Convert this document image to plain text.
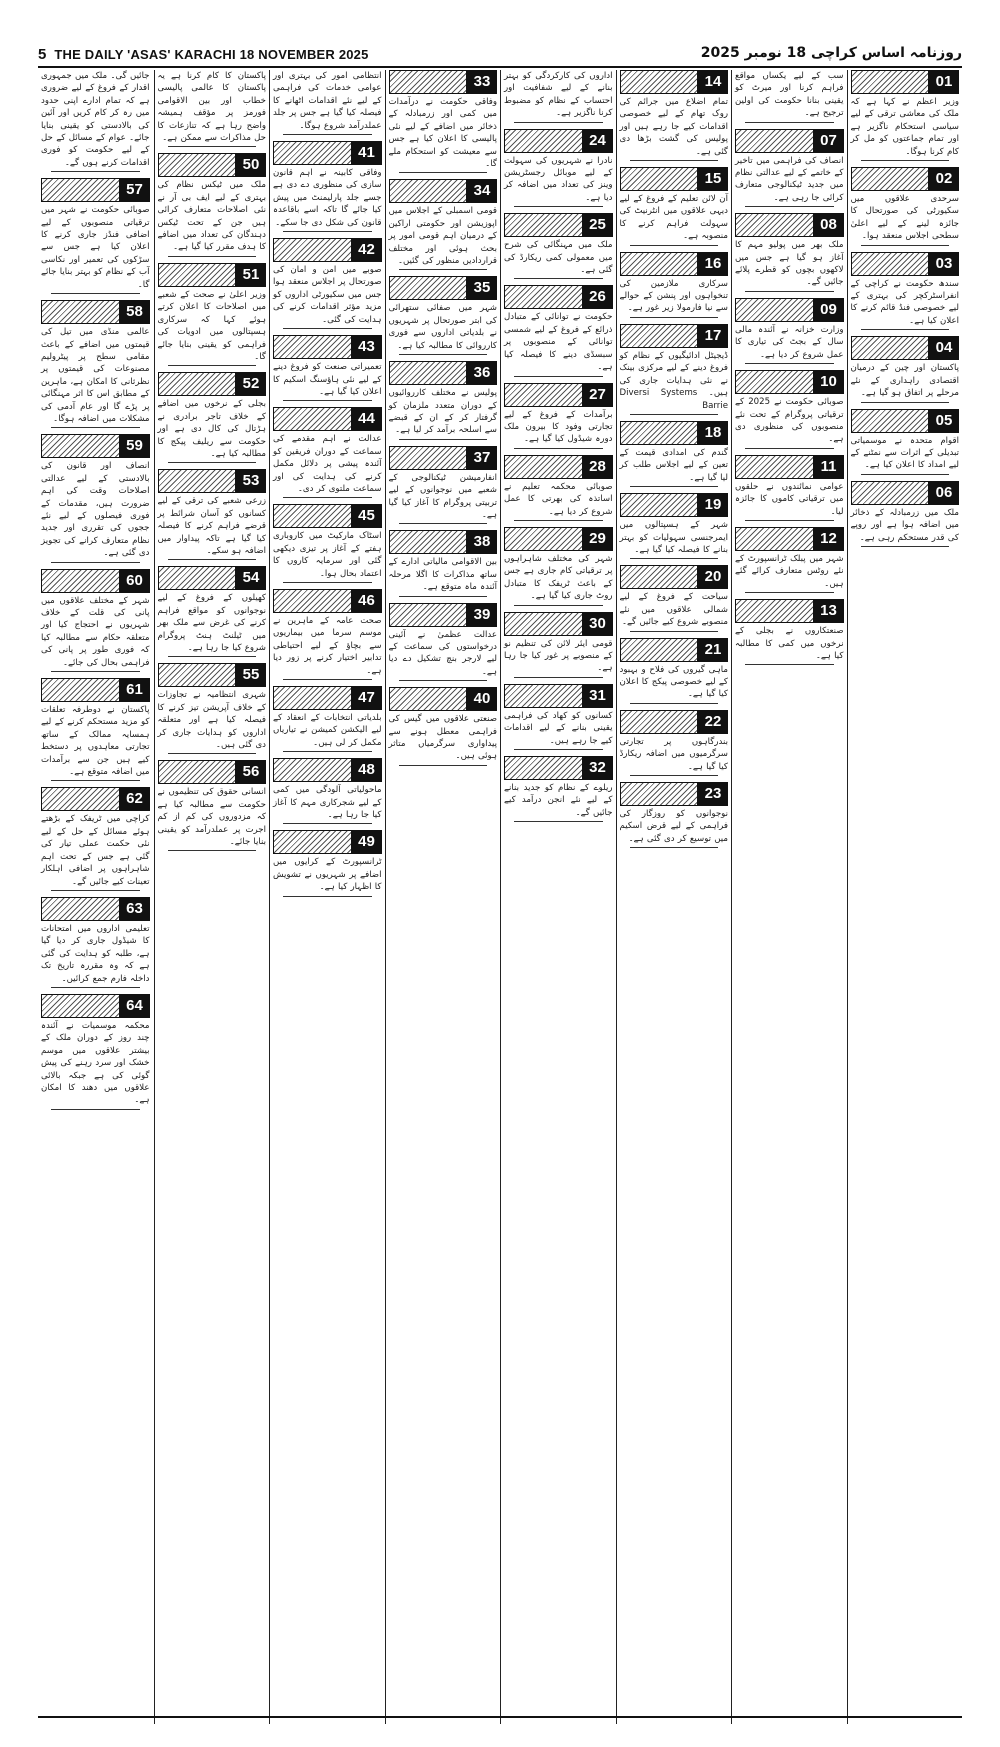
5 THE DAILY 'ASAS' KARACHI 18 NOVEMBER 2025	روزنامہ اساس کراچی 18 نومبر 2025
جائیں گی۔ ملک میں جمہوری اقدار کے فروغ کے لیے ضروری ہے کہ تمام ادارے اپنی حدود میں رہ کر کام کریں اور آئین کی بالادستی کو یقینی بنایا جائے۔ عوام کے مسائل کے حل کے لیے حکومت کو فوری اقدامات کرنے ہوں گے۔
57
صوبائی حکومت نے شہر میں ترقیاتی منصوبوں کے لیے اضافی فنڈز جاری کرنے کا اعلان کیا ہے جس سے سڑکوں کی تعمیر اور نکاسی آب کے نظام کو بہتر بنایا جائے گا۔
58
عالمی منڈی میں تیل کی قیمتوں میں اضافے کے باعث مقامی سطح پر پیٹرولیم مصنوعات کی قیمتوں پر نظرثانی کا امکان ہے، ماہرین کے مطابق اس کا اثر مہنگائی پر پڑے گا اور عام آدمی کی مشکلات میں اضافہ ہوگا۔
59
انصاف اور قانون کی بالادستی کے لیے عدالتی اصلاحات وقت کی اہم ضرورت ہیں، مقدمات کے فوری فیصلوں کے لیے نئے ججوں کی تقرری اور جدید نظام متعارف کرانے کی تجویز دی گئی ہے۔
60
شہر کے مختلف علاقوں میں پانی کی قلت کے خلاف شہریوں نے احتجاج کیا اور متعلقہ حکام سے مطالبہ کیا کہ فوری طور پر پانی کی فراہمی بحال کی جائے۔
61
پاکستان نے دوطرفہ تعلقات کو مزید مستحکم کرنے کے لیے ہمسایہ ممالک کے ساتھ تجارتی معاہدوں پر دستخط کیے ہیں جن سے برآمدات میں اضافہ متوقع ہے۔
62
کراچی میں ٹریفک کے بڑھتے ہوئے مسائل کے حل کے لیے نئی حکمت عملی تیار کی گئی ہے جس کے تحت اہم شاہراہوں پر اضافی اہلکار تعینات کیے جائیں گے۔
63
تعلیمی اداروں میں امتحانات کا شیڈول جاری کر دیا گیا ہے، طلبہ کو ہدایت کی گئی ہے کہ وہ مقررہ تاریخ تک داخلہ فارم جمع کرائیں۔
64
محکمہ موسمیات نے آئندہ چند روز کے دوران ملک کے بیشتر علاقوں میں موسم خشک اور سرد رہنے کی پیش گوئی کی ہے جبکہ بالائی علاقوں میں دھند کا امکان ہے۔
پاکستان کا کام کرنا ہے یہ پاکستان کا عالمی پالیسی خطاب اور بین الاقوامی فورمز پر مؤقف ہمیشہ واضح رہا ہے کہ تنازعات کا حل مذاکرات سے ممکن ہے۔
50
ملک میں ٹیکس نظام کی بہتری کے لیے ایف بی آر نے نئی اصلاحات متعارف کرائی ہیں جن کے تحت ٹیکس دہندگان کی تعداد میں اضافے کا ہدف مقرر کیا گیا ہے۔
51
وزیر اعلیٰ نے صحت کے شعبے میں اصلاحات کا اعلان کرتے ہوئے کہا کہ سرکاری ہسپتالوں میں ادویات کی فراہمی کو یقینی بنایا جائے گا۔
52
بجلی کے نرخوں میں اضافے کے خلاف تاجر برادری نے ہڑتال کی کال دی ہے اور حکومت سے ریلیف پیکج کا مطالبہ کیا ہے۔
53
زرعی شعبے کی ترقی کے لیے کسانوں کو آسان شرائط پر قرضے فراہم کرنے کا فیصلہ کیا گیا ہے تاکہ پیداوار میں اضافہ ہو سکے۔
54
کھیلوں کے فروغ کے لیے نوجوانوں کو مواقع فراہم کرنے کی غرض سے ملک بھر میں ٹیلنٹ ہنٹ پروگرام شروع کیا جا رہا ہے۔
55
شہری انتظامیہ نے تجاوزات کے خلاف آپریشن تیز کرنے کا فیصلہ کیا ہے اور متعلقہ اداروں کو ہدایات جاری کر دی گئی ہیں۔
56
انسانی حقوق کی تنظیموں نے حکومت سے مطالبہ کیا ہے کہ مزدوروں کی کم از کم اجرت پر عملدرآمد کو یقینی بنایا جائے۔
انتظامی امور کی بہتری اور عوامی خدمات کی فراہمی کے لیے نئے اقدامات اٹھانے کا فیصلہ کیا گیا ہے جس پر جلد عملدرآمد شروع ہوگا۔
41
وفاقی کابینہ نے اہم قانون سازی کی منظوری دے دی ہے جسے جلد پارلیمنٹ میں پیش کیا جائے گا تاکہ اسے باقاعدہ قانون کی شکل دی جا سکے۔
42
صوبے میں امن و امان کی صورتحال پر اجلاس منعقد ہوا جس میں سکیورٹی اداروں کو مزید مؤثر اقدامات کرنے کی ہدایت کی گئی۔
43
تعمیراتی صنعت کو فروغ دینے کے لیے نئی ہاؤسنگ اسکیم کا اعلان کیا گیا ہے۔
44
عدالت نے اہم مقدمے کی سماعت کے دوران فریقین کو آئندہ پیشی پر دلائل مکمل کرنے کی ہدایت کی اور سماعت ملتوی کر دی۔
45
اسٹاک مارکیٹ میں کاروباری ہفتے کے آغاز پر تیزی دیکھی گئی اور سرمایہ کاروں کا اعتماد بحال ہوا۔
46
صحت عامہ کے ماہرین نے موسم سرما میں بیماریوں سے بچاؤ کے لیے احتیاطی تدابیر اختیار کرنے پر زور دیا ہے۔
47
بلدیاتی انتخابات کے انعقاد کے لیے الیکشن کمیشن نے تیاریاں مکمل کر لی ہیں۔
48
ماحولیاتی آلودگی میں کمی کے لیے شجرکاری مہم کا آغاز کیا جا رہا ہے۔
49
ٹرانسپورٹ کے کرایوں میں اضافے پر شہریوں نے تشویش کا اظہار کیا ہے۔
33
وفاقی حکومت نے درآمدات میں کمی اور زرمبادلہ کے ذخائر میں اضافے کے لیے نئی پالیسی کا اعلان کیا ہے جس سے معیشت کو استحکام ملے گا۔
34
قومی اسمبلی کے اجلاس میں اپوزیشن اور حکومتی اراکین کے درمیان اہم قومی امور پر بحث ہوئی اور مختلف قراردادیں منظور کی گئیں۔
35
شہر میں صفائی ستھرائی کی ابتر صورتحال پر شہریوں نے بلدیاتی اداروں سے فوری کارروائی کا مطالبہ کیا ہے۔
36
پولیس نے مختلف کارروائیوں کے دوران متعدد ملزمان کو گرفتار کر کے ان کے قبضے سے اسلحہ برآمد کر لیا ہے۔
37
انفارمیشن ٹیکنالوجی کے شعبے میں نوجوانوں کے لیے تربیتی پروگرام کا آغاز کیا گیا ہے۔
38
بین الاقوامی مالیاتی ادارے کے ساتھ مذاکرات کا اگلا مرحلہ آئندہ ماہ متوقع ہے۔
39
عدالت عظمیٰ نے آئینی درخواستوں کی سماعت کے لیے لارجر بنچ تشکیل دے دیا ہے۔
40
صنعتی علاقوں میں گیس کی فراہمی معطل ہونے سے پیداواری سرگرمیاں متاثر ہوئی ہیں۔
اداروں کی کارکردگی کو بہتر بنانے کے لیے شفافیت اور احتساب کے نظام کو مضبوط کرنا ناگزیر ہے۔
24
نادرا نے شہریوں کی سہولت کے لیے موبائل رجسٹریشن وینز کی تعداد میں اضافہ کر دیا ہے۔
25
ملک میں مہنگائی کی شرح میں معمولی کمی ریکارڈ کی گئی ہے۔
26
حکومت نے توانائی کے متبادل ذرائع کے فروغ کے لیے شمسی توانائی کے منصوبوں پر سبسڈی دینے کا فیصلہ کیا ہے۔
27
برآمدات کے فروغ کے لیے تجارتی وفود کا بیرون ملک دورہ شیڈول کیا گیا ہے۔
28
صوبائی محکمہ تعلیم نے اساتذہ کی بھرتی کا عمل شروع کر دیا ہے۔
29
شہر کی مختلف شاہراہوں پر ترقیاتی کام جاری ہے جس کے باعث ٹریفک کا متبادل روٹ جاری کیا گیا ہے۔
30
قومی ایئر لائن کی تنظیم نو کے منصوبے پر غور کیا جا رہا ہے۔
31
کسانوں کو کھاد کی فراہمی یقینی بنانے کے لیے اقدامات کیے جا رہے ہیں۔
32
ریلوے کے نظام کو جدید بنانے کے لیے نئے انجن درآمد کیے جائیں گے۔
14
تمام اضلاع میں جرائم کی روک تھام کے لیے خصوصی اقدامات کیے جا رہے ہیں اور پولیس کی گشت بڑھا دی گئی ہے۔
15
آن لائن تعلیم کے فروغ کے لیے دیہی علاقوں میں انٹرنیٹ کی سہولت فراہم کرنے کا منصوبہ ہے۔
16
سرکاری ملازمین کی تنخواہوں اور پنشن کے حوالے سے نیا فارمولا زیر غور ہے۔
17
ڈیجیٹل ادائیگیوں کے نظام کو فروغ دینے کے لیے مرکزی بینک نے نئی ہدایات جاری کی ہیں۔ Diversi Systems Barrie
18
گندم کی امدادی قیمت کے تعین کے لیے اجلاس طلب کر لیا گیا ہے۔
19
شہر کے ہسپتالوں میں ایمرجنسی سہولیات کو بہتر بنانے کا فیصلہ کیا گیا ہے۔
20
سیاحت کے فروغ کے لیے شمالی علاقوں میں نئے منصوبے شروع کیے جائیں گے۔
21
ماہی گیروں کی فلاح و بہبود کے لیے خصوصی پیکج کا اعلان کیا گیا ہے۔
22
بندرگاہوں پر تجارتی سرگرمیوں میں اضافہ ریکارڈ کیا گیا ہے۔
23
نوجوانوں کو روزگار کی فراہمی کے لیے قرض اسکیم میں توسیع کر دی گئی ہے۔
سب کے لیے یکساں مواقع فراہم کرنا اور میرٹ کو یقینی بنانا حکومت کی اولین ترجیح ہے۔
07
انصاف کی فراہمی میں تاخیر کے خاتمے کے لیے عدالتی نظام میں جدید ٹیکنالوجی متعارف کرائی جا رہی ہے۔
08
ملک بھر میں پولیو مہم کا آغاز ہو گیا ہے جس میں لاکھوں بچوں کو قطرے پلائے جائیں گے۔
09
وزارت خزانہ نے آئندہ مالی سال کے بجٹ کی تیاری کا عمل شروع کر دیا ہے۔
10
صوبائی حکومت نے 2025 کے ترقیاتی پروگرام کے تحت نئے منصوبوں کی منظوری دی ہے۔
11
عوامی نمائندوں نے حلقوں میں ترقیاتی کاموں کا جائزہ لیا۔
12
شہر میں پبلک ٹرانسپورٹ کے نئے روٹس متعارف کرائے گئے ہیں۔
13
صنعتکاروں نے بجلی کے نرخوں میں کمی کا مطالبہ کیا ہے۔
01
وزیر اعظم نے کہا ہے کہ ملک کی معاشی ترقی کے لیے سیاسی استحکام ناگزیر ہے اور تمام جماعتوں کو مل کر کام کرنا ہوگا۔
02
سرحدی علاقوں میں سکیورٹی کی صورتحال کا جائزہ لینے کے لیے اعلیٰ سطحی اجلاس منعقد ہوا۔
03
سندھ حکومت نے کراچی کے انفراسٹرکچر کی بہتری کے لیے خصوصی فنڈ قائم کرنے کا اعلان کیا ہے۔
04
پاکستان اور چین کے درمیان اقتصادی راہداری کے نئے مرحلے پر اتفاق ہو گیا ہے۔
05
اقوام متحدہ نے موسمیاتی تبدیلی کے اثرات سے نمٹنے کے لیے امداد کا اعلان کیا ہے۔
06
ملک میں زرمبادلہ کے ذخائر میں اضافہ ہوا ہے اور روپے کی قدر مستحکم رہی ہے۔
